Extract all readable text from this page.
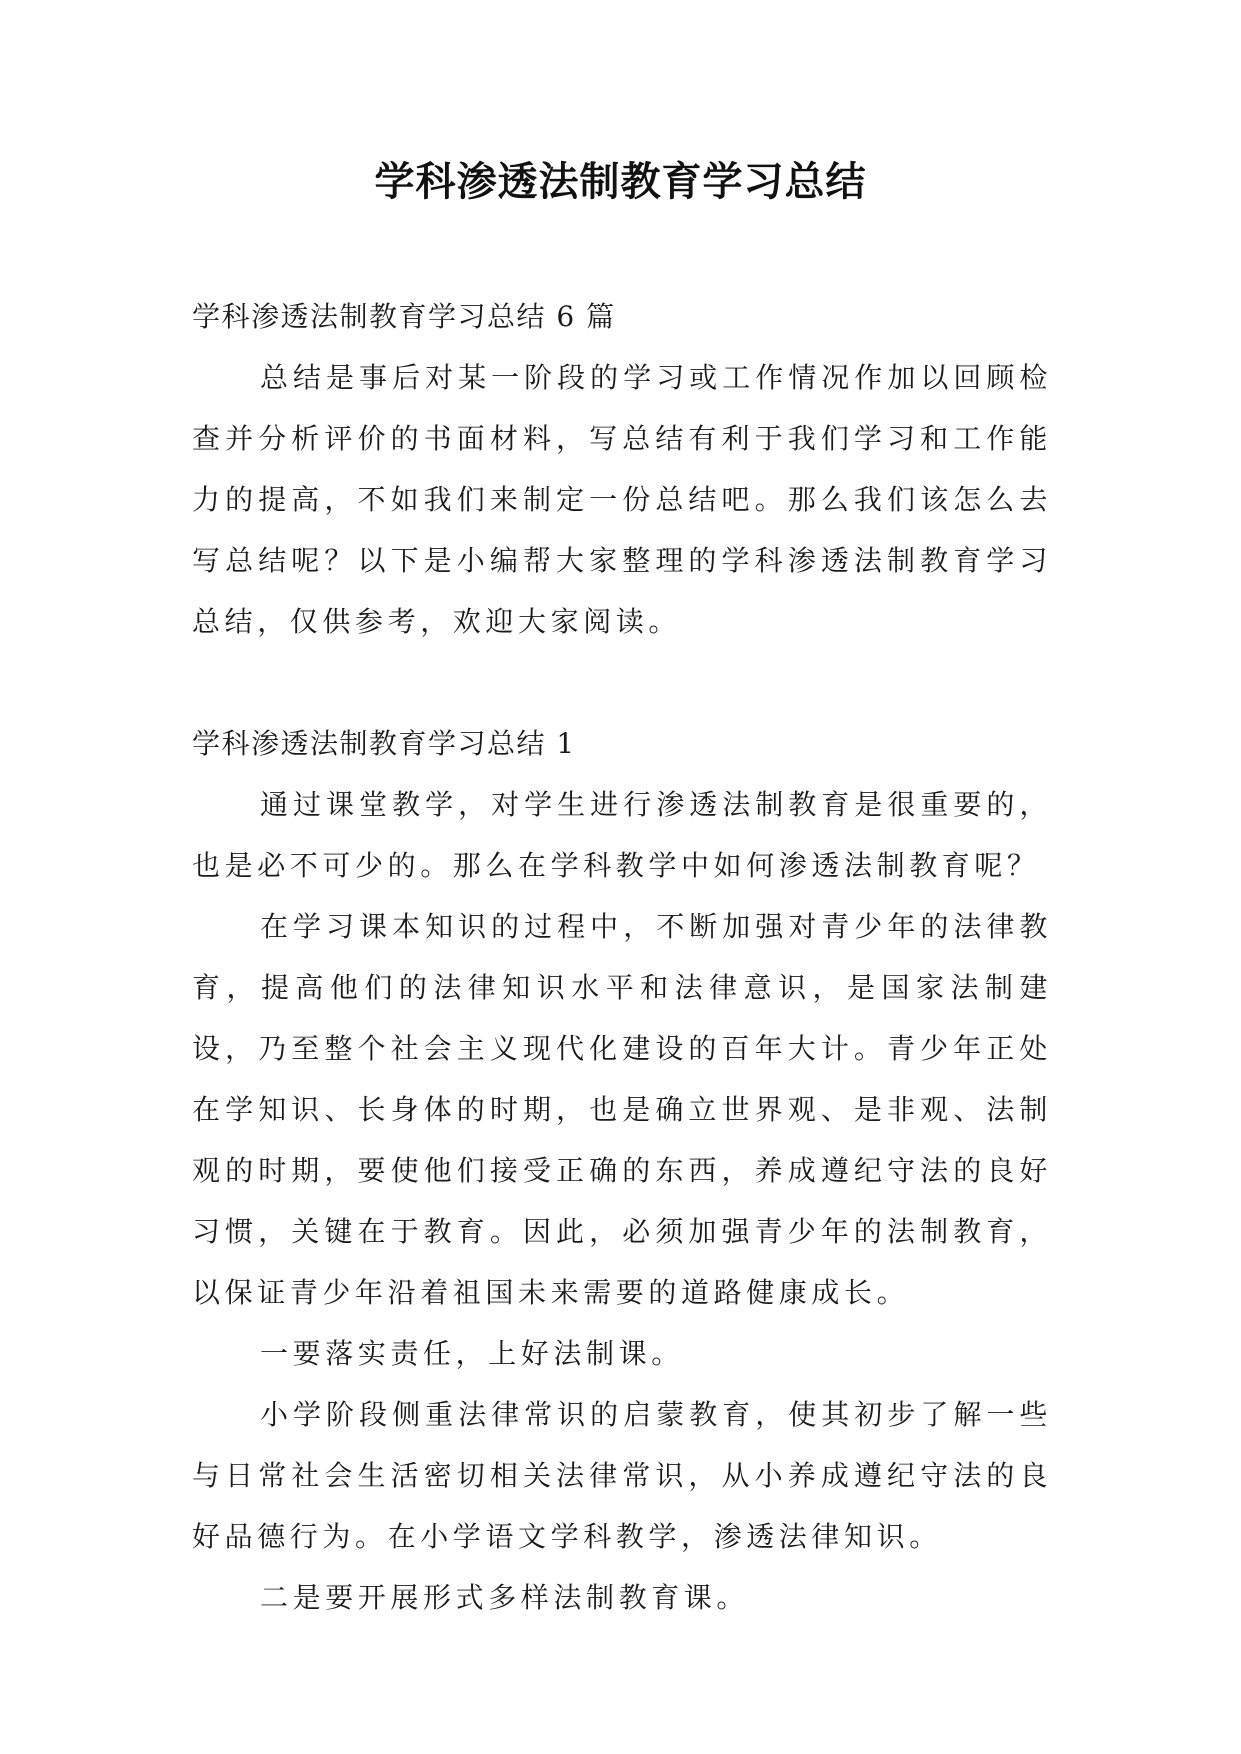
学科渗透法制教育学习总结

学科渗透法制教育学习总结 6 篇

总结是事后对某一阶段的学习或工作情况作加以回顾检查并分析评价的书面材料，写总结有利于我们学习和工作能力的提高，不如我们来制定一份总结吧。那么我们该怎么去写总结呢？以下是小编帮大家整理的学科渗透法制教育学习总结，仅供参考，欢迎大家阅读。

学科渗透法制教育学习总结 1

通过课堂教学，对学生进行渗透法制教育是很重要的，也是必不可少的。那么在学科教学中如何渗透法制教育呢？

在学习课本知识的过程中，不断加强对青少年的法律教育，提高他们的法律知识水平和法律意识，是国家法制建设，乃至整个社会主义现代化建设的百年大计。青少年正处在学知识、长身体的时期，也是确立世界观、是非观、法制观的时期，要使他们接受正确的东西，养成遵纪守法的良好习惯，关键在于教育。因此，必须加强青少年的法制教育，以保证青少年沿着祖国未来需要的道路健康成长。

一要落实责任，上好法制课。

小学阶段侧重法律常识的启蒙教育，使其初步了解一些与日常社会生活密切相关法律常识，从小养成遵纪守法的良好品德行为。在小学语文学科教学，渗透法律知识。

二是要开展形式多样法制教育课。
